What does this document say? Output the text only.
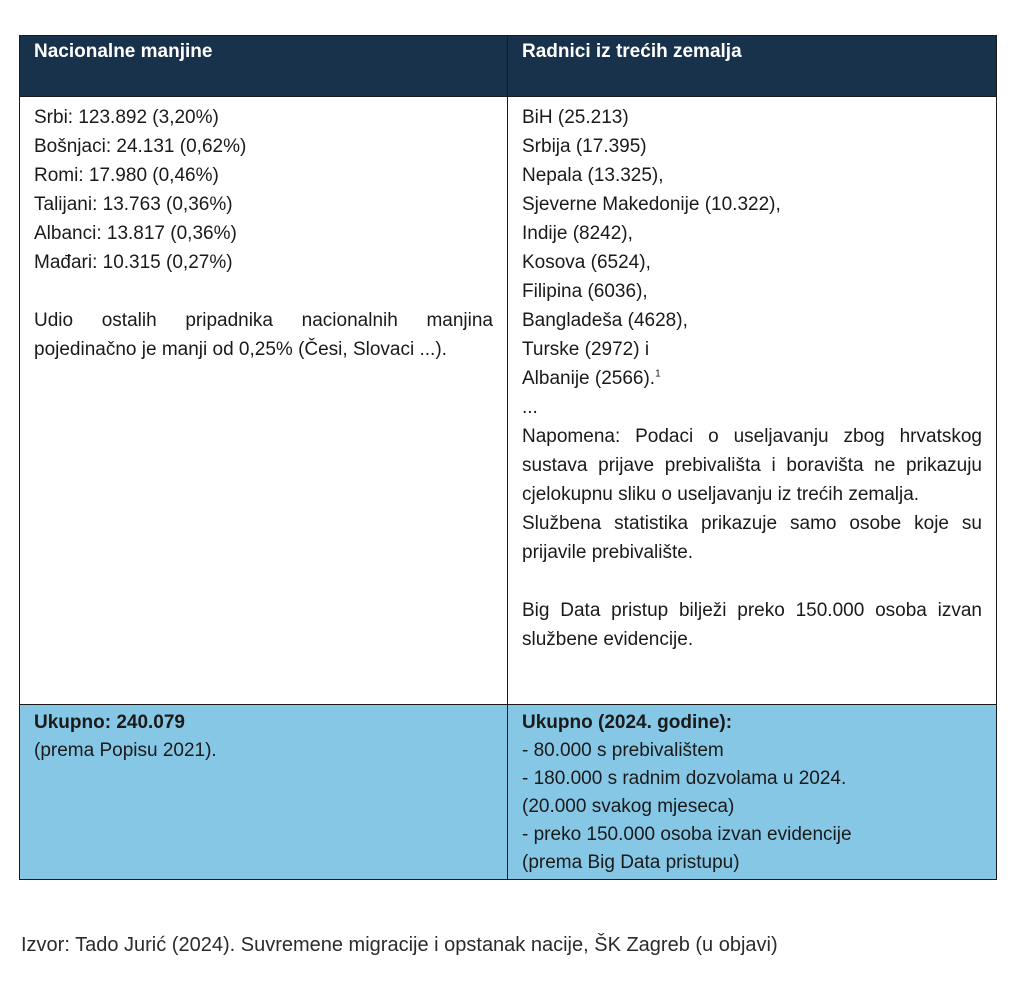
Nacionalne manjine	Radnici iz trećih zemalja
Srbi: 123.892 (3,20%)
Bošnjaci: 24.131 (0,62%)
Romi: 17.980 (0,46%)
Talijani: 13.763 (0,36%)
Albanci: 13.817 (0,36%)
Mađari: 10.315 (0,27%)
Udio ostalih pripadnika nacionalnih manjina pojedinačno je manji od 0,25% (Česi, Slovaci ...).
BiH (25.213)
Srbija (17.395)
Nepala (13.325),
Sjeverne Makedonije (10.322),
Indije (8242),
Kosova (6524),
Filipina (6036),
Bangladeša (4628),
Turske (2972) i
Albanije (2566).$^1$
...
Napomena: Podaci o useljavanju zbog hrvatskog sustava prijave prebivališta i boravišta ne prikazuju cjelokupnu sliku o useljavanju iz trećih zemalja.
Službena statistika prikazuje samo osobe koje su prijavile prebivalište.
Big Data pristup bilježi preko 150.000 osoba izvan službene evidencije.
Ukupno: 240.079
(prema Popisu 2021).
Ukupno (2024. godine):
- 80.000 s prebivalištem
- 180.000 s radnim dozvolama u 2024.
(20.000 svakog mjeseca)
- preko 150.000 osoba izvan evidencije
(prema Big Data pristupu)
Izvor: Tado Jurić (2024). Suvremene migracije i opstanak nacije, ŠK Zagreb (u objavi)
